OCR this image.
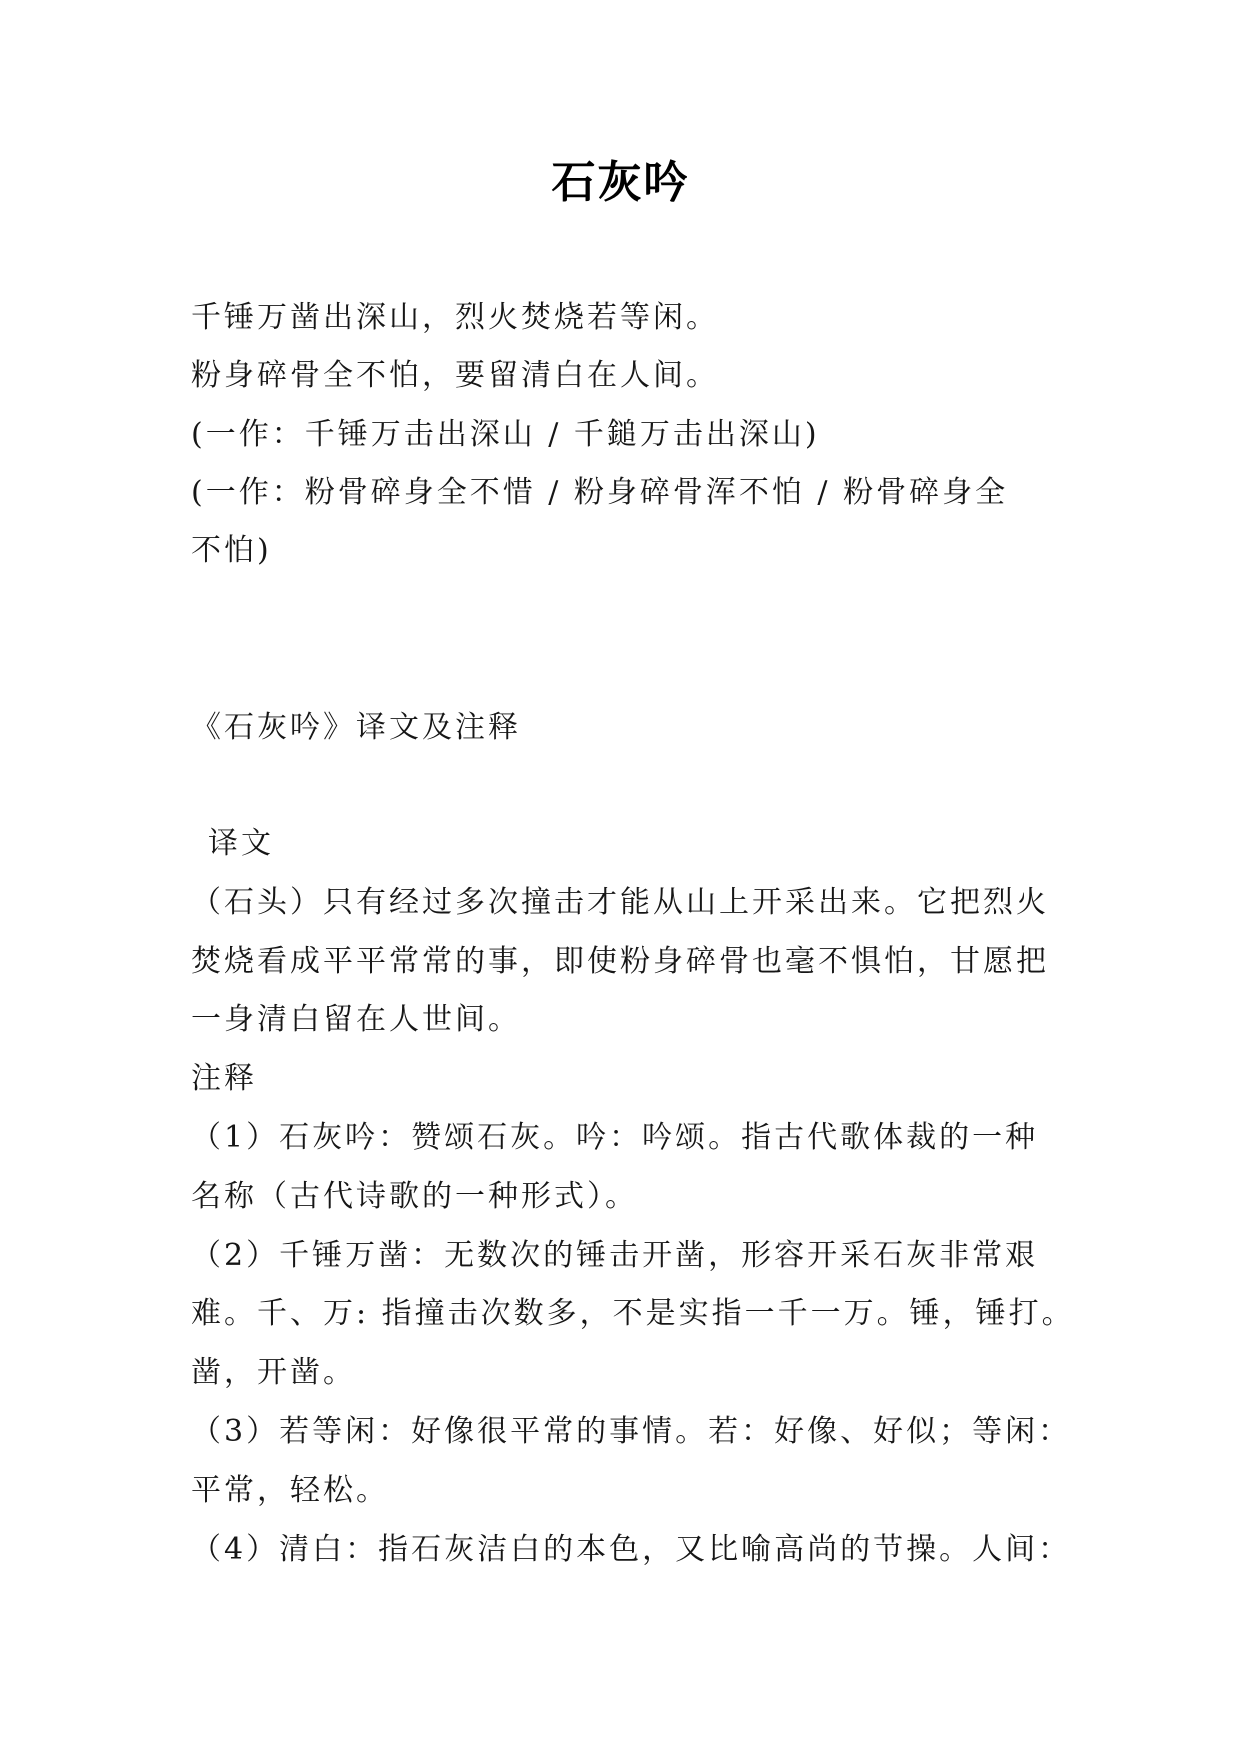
石灰吟
千锤万凿出深山，烈火焚烧若等闲。
粉身碎骨全不怕，要留清白在人间。
(一作：千锤万击出深山 / 千鎚万击出深山)
(一作：粉骨碎身全不惜 / 粉身碎骨浑不怕 / 粉骨碎身全
不怕)
《石灰吟》译文及注释
译文
（石头）只有经过多次撞击才能从山上开采出来。它把烈火
焚烧看成平平常常的事，即使粉身碎骨也毫不惧怕，甘愿把
一身清白留在人世间。
注释
（1）石灰吟：赞颂石灰。吟：吟颂。指古代歌体裁的一种
名称（古代诗歌的一种形式）。
（2）千锤万凿：无数次的锤击开凿，形容开采石灰非常艰
难。千、万: 指撞击次数多，不是实指一千一万。锤，锤打。
凿，开凿。
（3）若等闲：好像很平常的事情。若：好像、好似；等闲：
平常，轻松。
（4）清白：指石灰洁白的本色，又比喻高尚的节操。人间：
